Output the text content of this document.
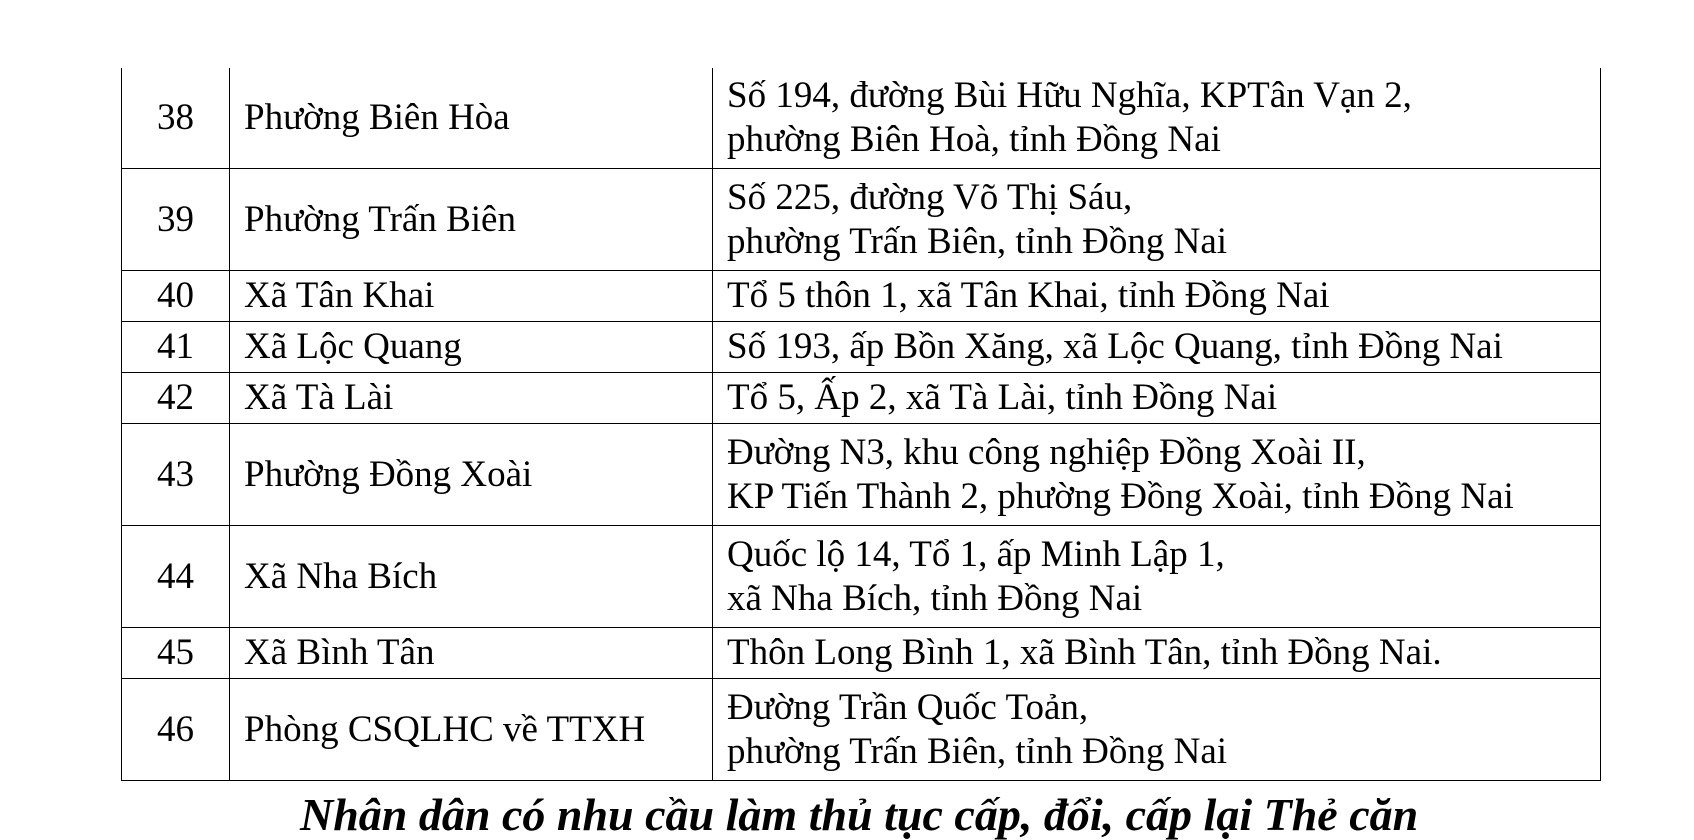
38	Phường Biên Hòa	Số 194, đường Bùi Hữu Nghĩa, KPTân Vạn 2,
phường Biên Hoà, tỉnh Đồng Nai

39	Phường Trấn Biên	Số 225, đường Võ Thị Sáu,
phường Trấn Biên, tỉnh Đồng Nai

40	Xã Tân Khai	Tổ 5 thôn 1, xã Tân Khai, tỉnh Đồng Nai

41	Xã Lộc Quang	Số 193, ấp Bồn Xăng, xã Lộc Quang, tỉnh Đồng Nai

42	Xã Tà Lài	Tổ 5, Ấp 2, xã Tà Lài, tỉnh Đồng Nai

43	Phường Đồng Xoài	Đường N3, khu công nghiệp Đồng Xoài II,
KP Tiến Thành 2, phường Đồng Xoài, tỉnh Đồng Nai

44	Xã Nha Bích	Quốc lộ 14, Tổ 1, ấp Minh Lập 1,
xã Nha Bích, tỉnh Đồng Nai

45	Xã Bình Tân	Thôn Long Bình 1, xã Bình Tân, tỉnh Đồng Nai.

46	Phòng CSQLHC về TTXH	Đường Trần Quốc Toản,
phường Trấn Biên, tỉnh Đồng Nai
Nhân dân có nhu cầu làm thủ tục cấp, đổi, cấp lại Thẻ căn
